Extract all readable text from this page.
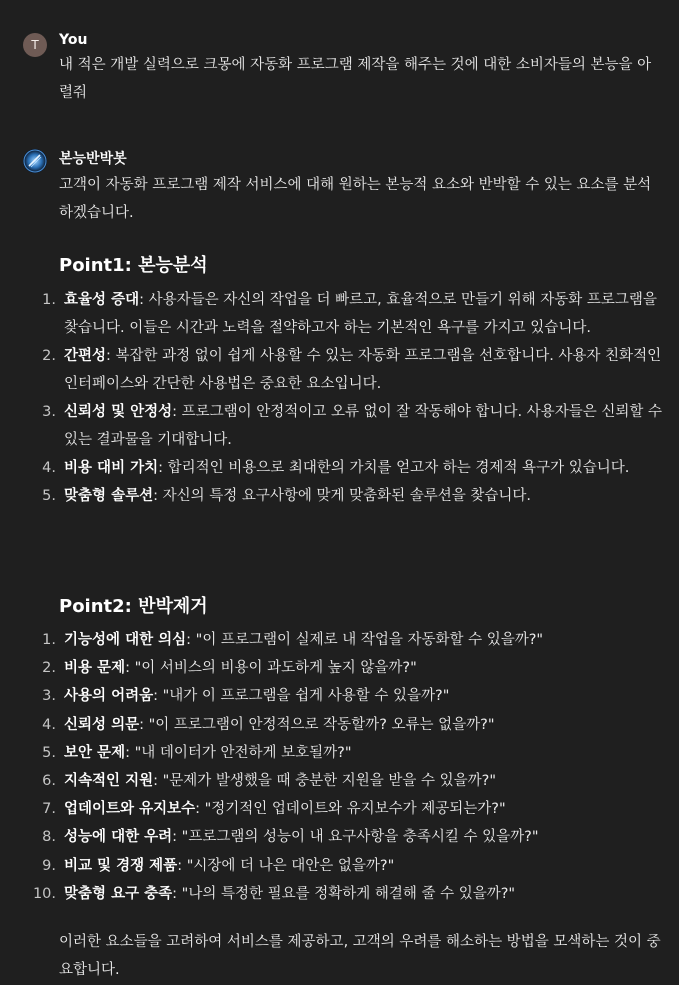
T	You
내 적은 개발 실력으로 크몽에 자동화 프로그램 제작을 해주는 것에 대한 소비자들의 본능을 아렬줘
본능반박봇
고객이 자동화 프로그램 제작 서비스에 대해 원하는 본능적 요소와 반박할 수 있는 요소를 분석하겠습니다.
Point1: 본능분석
1. 효율성 증대: 사용자들은 자신의 작업을 더 빠르고, 효율적으로 만들기 위해 자동화 프로그램을 찾습니다. 이들은 시간과 노력을 절약하고자 하는 기본적인 욕구를 가지고 있습니다.
2. 간편성: 복잡한 과정 없이 쉽게 사용할 수 있는 자동화 프로그램을 선호합니다. 사용자 친화적인 인터페이스와 간단한 사용법은 중요한 요소입니다.
3. 신뢰성 및 안정성: 프로그램이 안정적이고 오류 없이 잘 작동해야 합니다. 사용자들은 신뢰할 수 있는 결과물을 기대합니다.
4. 비용 대비 가치: 합리적인 비용으로 최대한의 가치를 얻고자 하는 경제적 욕구가 있습니다.
5. 맞춤형 솔루션: 자신의 특정 요구사항에 맞게 맞춤화된 솔루션을 찾습니다.
Point2: 반박제거
1. 기능성에 대한 의심: "이 프로그램이 실제로 내 작업을 자동화할 수 있을까?"
2. 비용 문제: "이 서비스의 비용이 과도하게 높지 않을까?"
3. 사용의 어려움: "내가 이 프로그램을 쉽게 사용할 수 있을까?"
4. 신뢰성 의문: "이 프로그램이 안정적으로 작동할까? 오류는 없을까?"
5. 보안 문제: "내 데이터가 안전하게 보호될까?"
6. 지속적인 지원: "문제가 발생했을 때 충분한 지원을 받을 수 있을까?"
7. 업데이트와 유지보수: "정기적인 업데이트와 유지보수가 제공되는가?"
8. 성능에 대한 우려: "프로그램의 성능이 내 요구사항을 충족시킬 수 있을까?"
9. 비교 및 경쟁 제품: "시장에 더 나은 대안은 없을까?"
10. 맞춤형 요구 충족: "나의 특정한 필요를 정확하게 해결해 줄 수 있을까?"
이러한 요소들을 고려하여 서비스를 제공하고, 고객의 우려를 해소하는 방법을 모색하는 것이 중요합니다.
